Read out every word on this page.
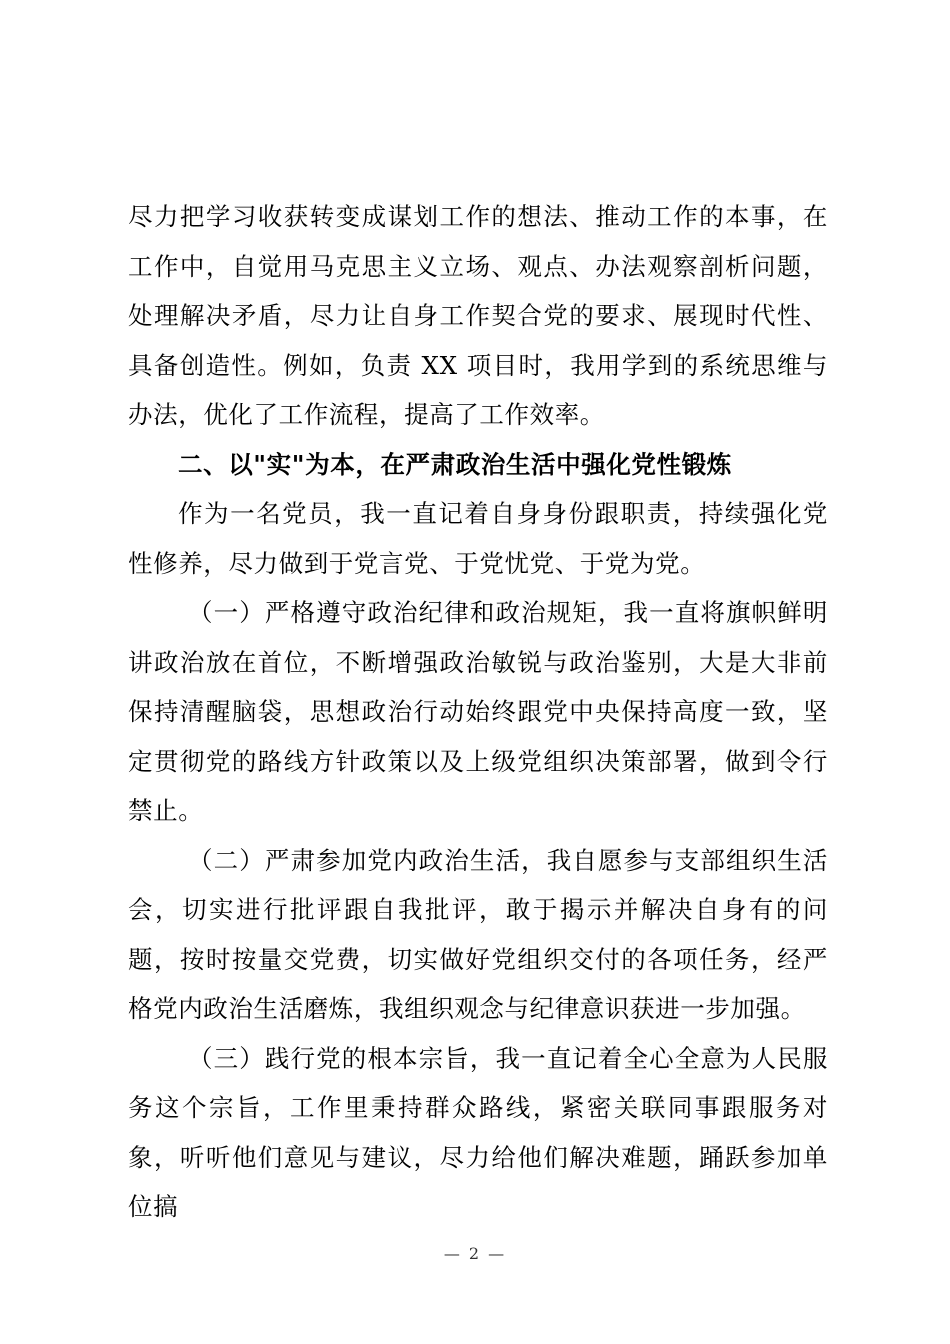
尽力把学习收获转变成谋划工作的想法、推动工作的本事，在工作中，自觉用马克思主义立场、观点、办法观察剖析问题，处理解决矛盾，尽力让自身工作契合党的要求、展现时代性、具备创造性。例如，负责 XX 项目时，我用学到的系统思维与办法，优化了工作流程，提高了工作效率。

二、以"实"为本，在严肃政治生活中强化党性锻炼

作为一名党员，我一直记着自身身份跟职责，持续强化党性修养，尽力做到于党言党、于党忧党、于党为党。

（一）严格遵守政治纪律和政治规矩，我一直将旗帜鲜明讲政治放在首位，不断增强政治敏锐与政治鉴别，大是大非前保持清醒脑袋，思想政治行动始终跟党中央保持高度一致，坚定贯彻党的路线方针政策以及上级党组织决策部署，做到令行禁止。

（二）严肃参加党内政治生活，我自愿参与支部组织生活会，切实进行批评跟自我批评，敢于揭示并解决自身有的问题，按时按量交党费，切实做好党组织交付的各项任务，经严格党内政治生活磨炼，我组织观念与纪律意识获进一步加强。

（三）践行党的根本宗旨，我一直记着全心全意为人民服务这个宗旨，工作里秉持群众路线，紧密关联同事跟服务对象，听听他们意见与建议，尽力给他们解决难题，踊跃参加单位搞

— 2 —
